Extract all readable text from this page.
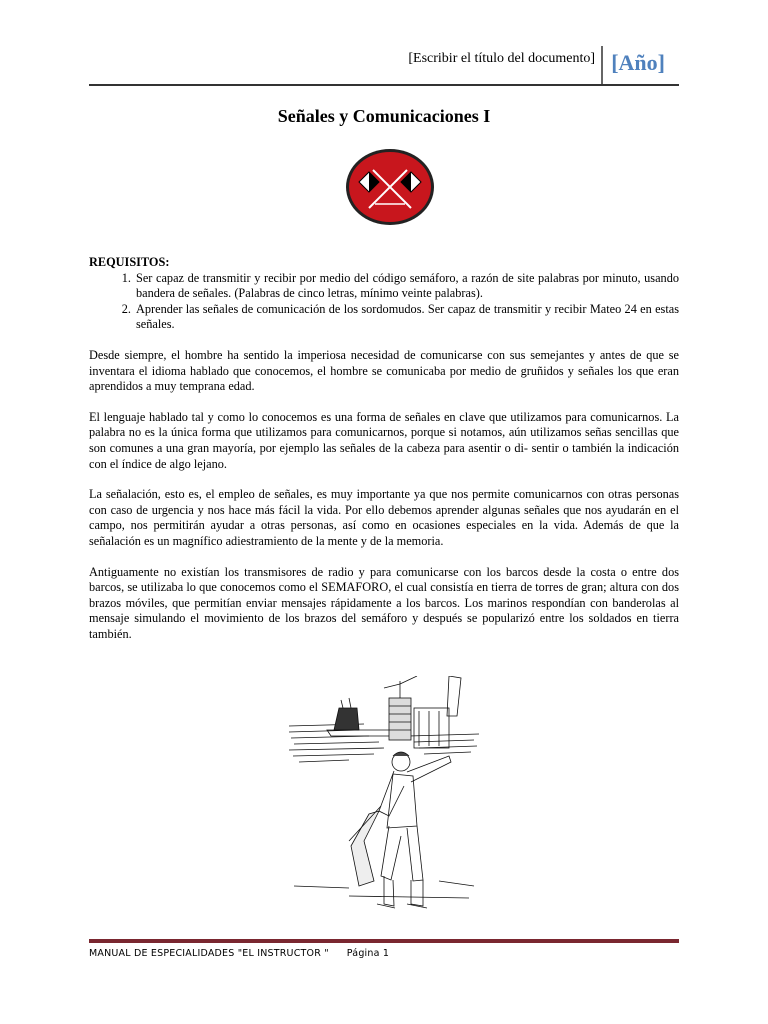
[Escribir el título del documento] [Año]
Señales y Comunicaciones I
REQUISITOS:
1. Ser capaz de transmitir y recibir por medio del código semáforo, a razón de site palabras por minuto, usando bandera de señales. (Palabras de cinco letras, mínimo veinte palabras).
2. Aprender las señales de comunicación de los sordomudos. Ser capaz de transmitir y recibir Mateo 24 en estas señales.

Desde siempre, el hombre ha sentido la imperiosa necesidad de comunicarse con sus semejantes y antes de que se inventara el idioma hablado que conocemos, el hombre se comunicaba por medio de gruñidos y señales los que eran aprendidos a muy temprana edad.

El lenguaje hablado tal y como lo conocemos es una forma de señales en clave que utilizamos para comunicarnos. La palabra no es la única forma que utilizamos para comunicarnos, porque si notamos, aún utilizamos señas sencillas que son comunes a una gran mayoría, por ejemplo las señales de la cabeza para asentir o di- sentir o también la indicación con el índice de algo lejano.

La señalación, esto es, el empleo de señales, es muy importante ya que nos permite comunicarnos con otras personas con caso de urgencia y nos hace más fácil la vida. Por ello debemos aprender algunas señales que nos ayudarán en el campo, nos permitirán ayudar a otras personas, así como en ocasiones especiales en la vida. Además de que la señalación es un magnífico adiestramiento de la mente y de la memoria.

Antiguamente no existían los transmisores de radio y para comunicarse con los barcos desde la costa o entre dos barcos, se utilizaba lo que conocemos como el SEMAFORO, el cual consistía en tierra de torres de gran; altura con dos brazos móviles, que permitían enviar mensajes rápidamente a los barcos. Los marinos respondían con banderolas al mensaje simulando el movimiento de los brazos del semáforo y después se popularizó entre los soldados en tierra también.

MANUAL DE ESPECIALIDADES "EL INSTRUCTOR " Página 1
